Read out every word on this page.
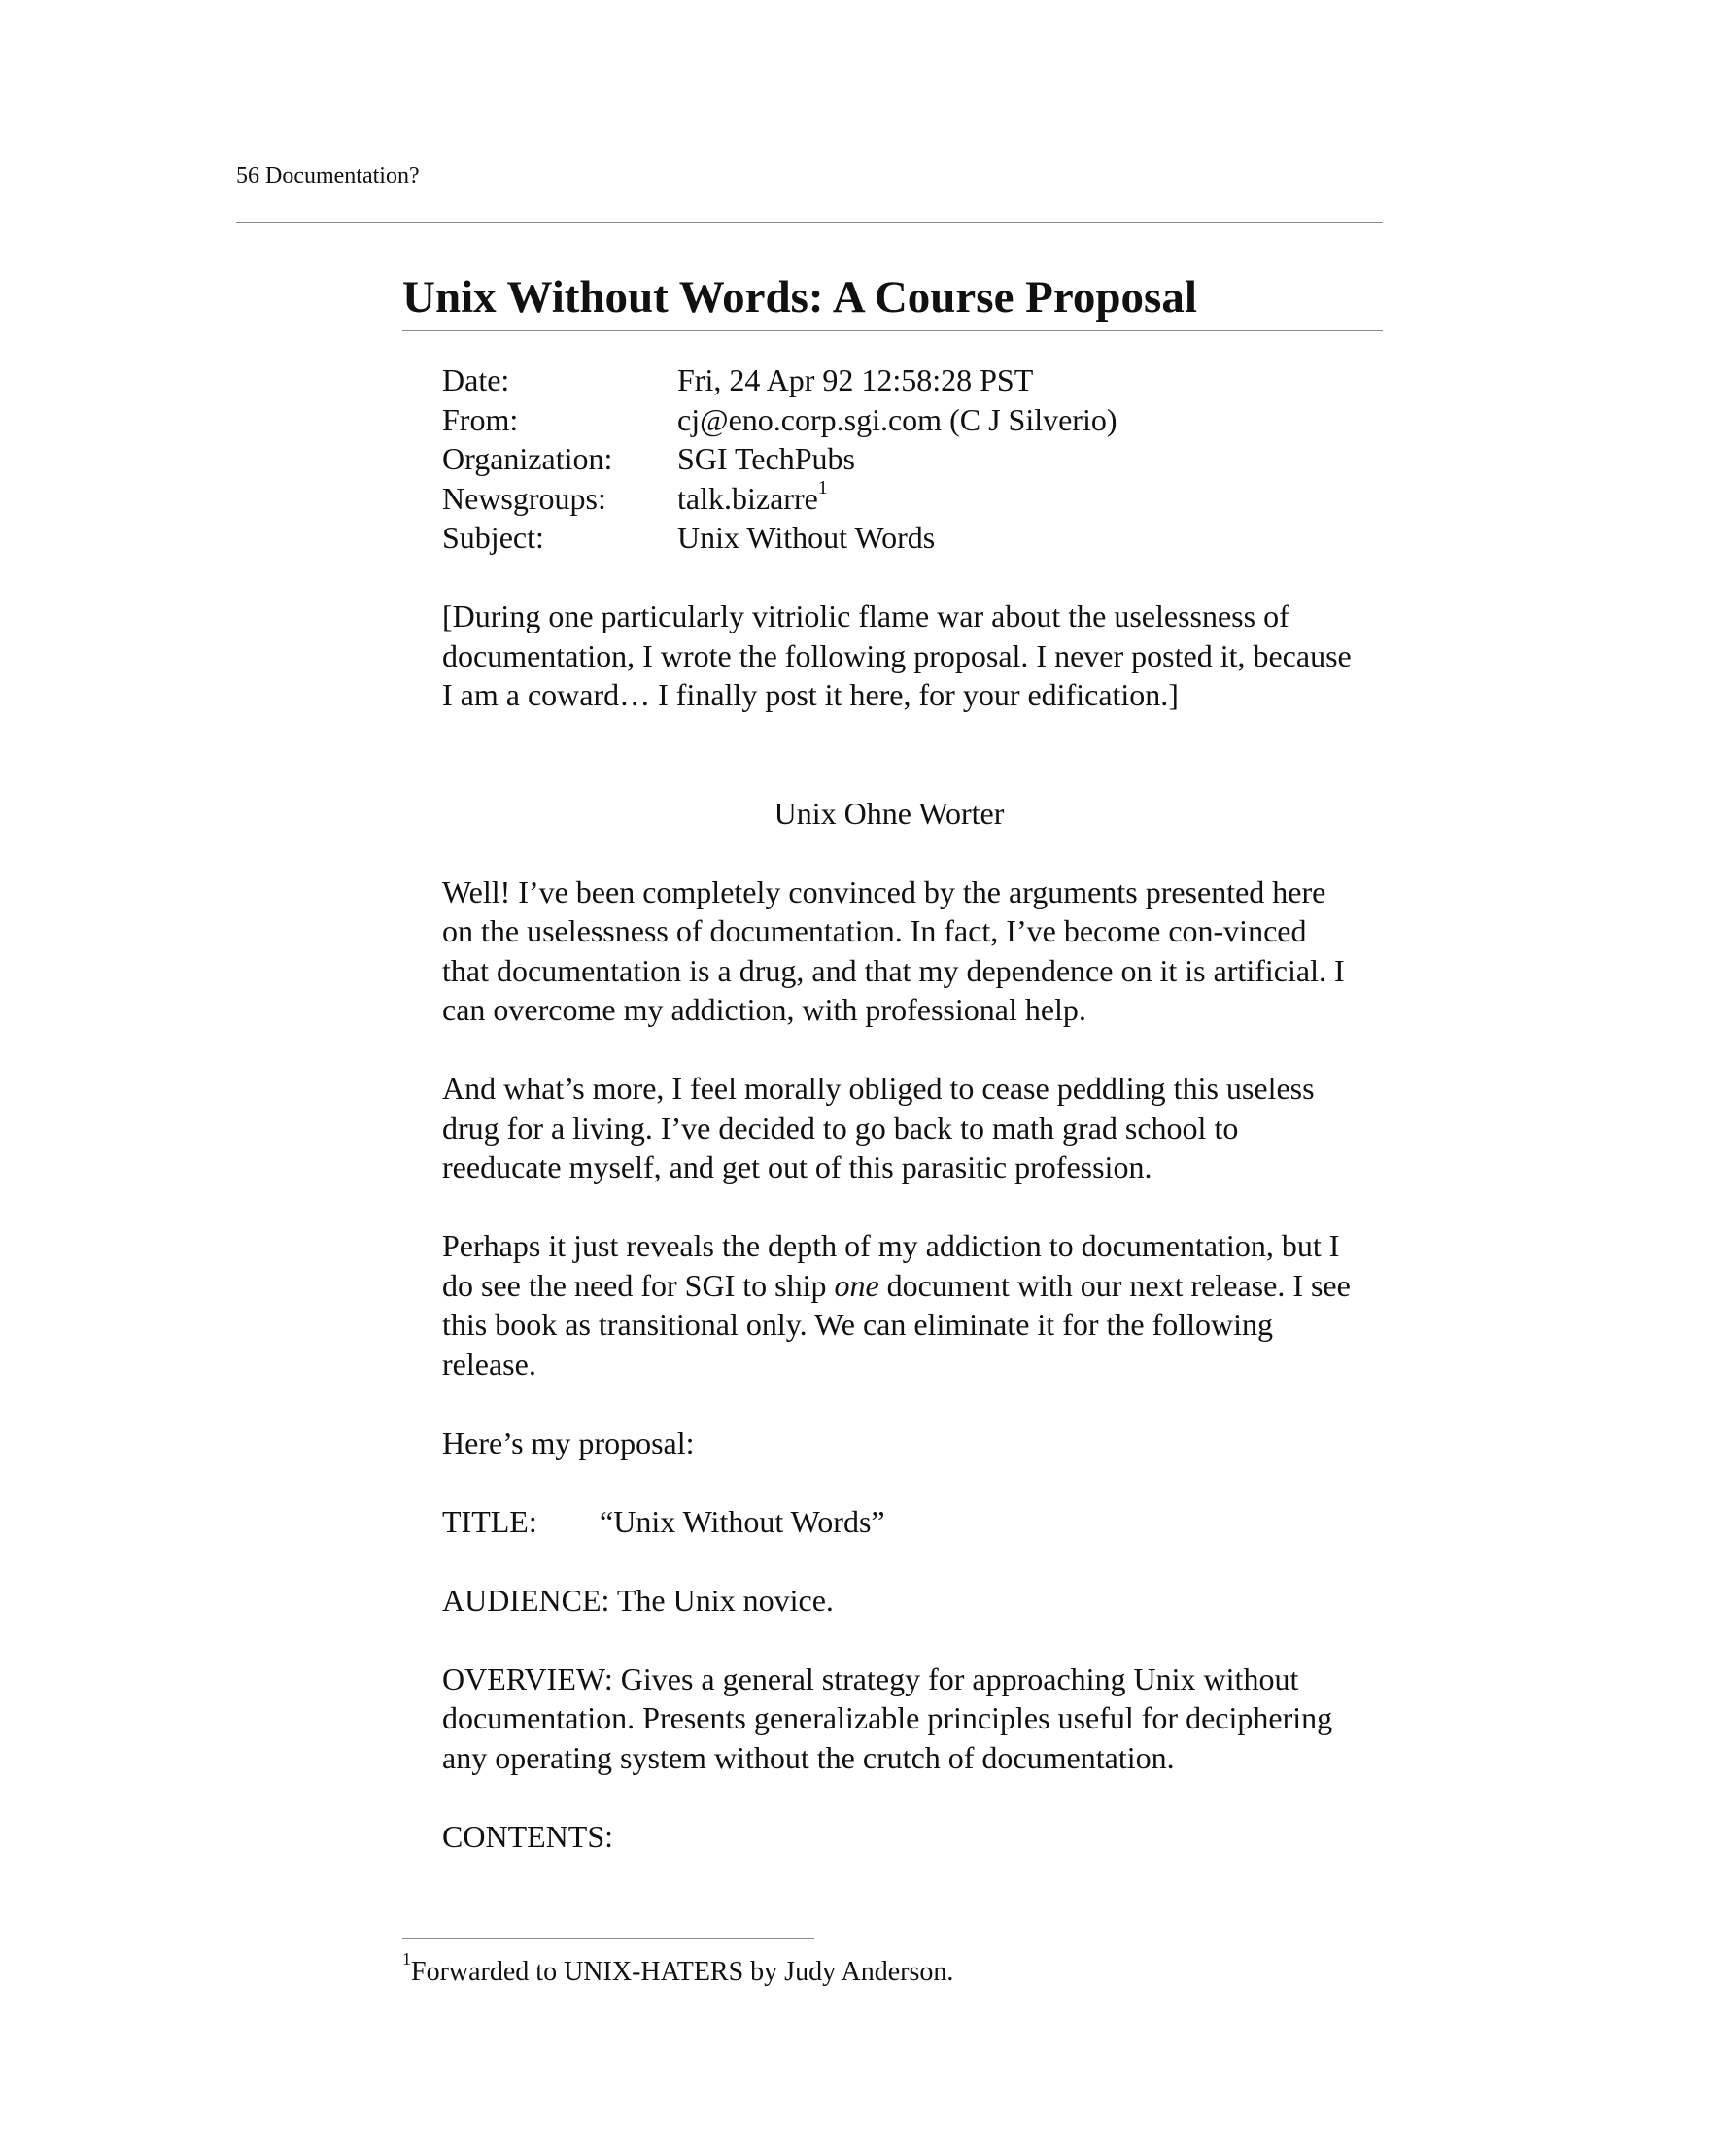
56 Documentation?
Unix Without Words: A Course Proposal
Date:	Fri, 24 Apr 92 12:58:28 PST
From:	cj@eno.corp.sgi.com (C J Silverio)
Organization:	SGI TechPubs
Newsgroups:	talk.bizarre$^1$
Subject:	Unix Without Words

[During one particularly vitriolic flame war about the uselessness of documentation, I wrote the following proposal. I never posted it, because I am a coward… I finally post it here, for your edification.]

Unix Ohne Worter

Well! I’ve been completely convinced by the arguments presented here on the uselessness of documentation. In fact, I’ve become con-vinced that documentation is a drug, and that my dependence on it is artificial. I can overcome my addiction, with professional help.

And what’s more, I feel morally obliged to cease peddling this useless drug for a living. I’ve decided to go back to math grad school to reeducate myself, and get out of this parasitic profession.

Perhaps it just reveals the depth of my addiction to documentation, but I do see the need for SGI to ship one document with our next release. I see this book as transitional only. We can eliminate it for the following release.

Here’s my proposal:

TITLE: “Unix Without Words”

AUDIENCE: The Unix novice.

OVERVIEW: Gives a general strategy for approaching Unix without documentation. Presents generalizable principles useful for deciphering any operating system without the crutch of documentation.

CONTENTS:

$^1$Forwarded to UNIX-HATERS by Judy Anderson.
